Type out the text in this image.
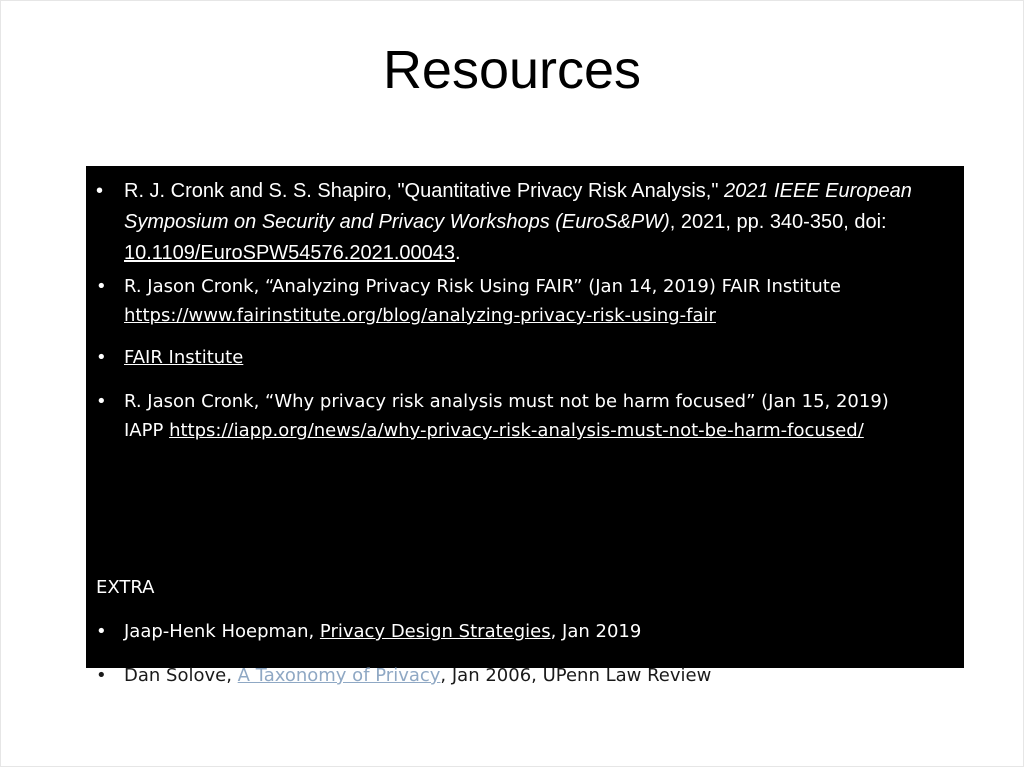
Resources
• R. J. Cronk and S. S. Shapiro, "Quantitative Privacy Risk Analysis," 2021 IEEE European Symposium on Security and Privacy Workshops (EuroS&PW), 2021, pp. 340-350, doi: 10.1109/EuroSPW54576.2021.00043.
• R. Jason Cronk, “Analyzing Privacy Risk Using FAIR” (Jan 14, 2019) FAIR Institute https://www.fairinstitute.org/blog/analyzing-privacy-risk-using-fair
• FAIR Institute
• R. Jason Cronk, “Why privacy risk analysis must not be harm focused” (Jan 15, 2019) IAPP https://iapp.org/news/a/why-privacy-risk-analysis-must-not-be-harm-focused/
EXTRA
• Jaap-Henk Hoepman, Privacy Design Strategies, Jan 2019
• Dan Solove, A Taxonomy of Privacy, Jan 2006, UPenn Law Review
